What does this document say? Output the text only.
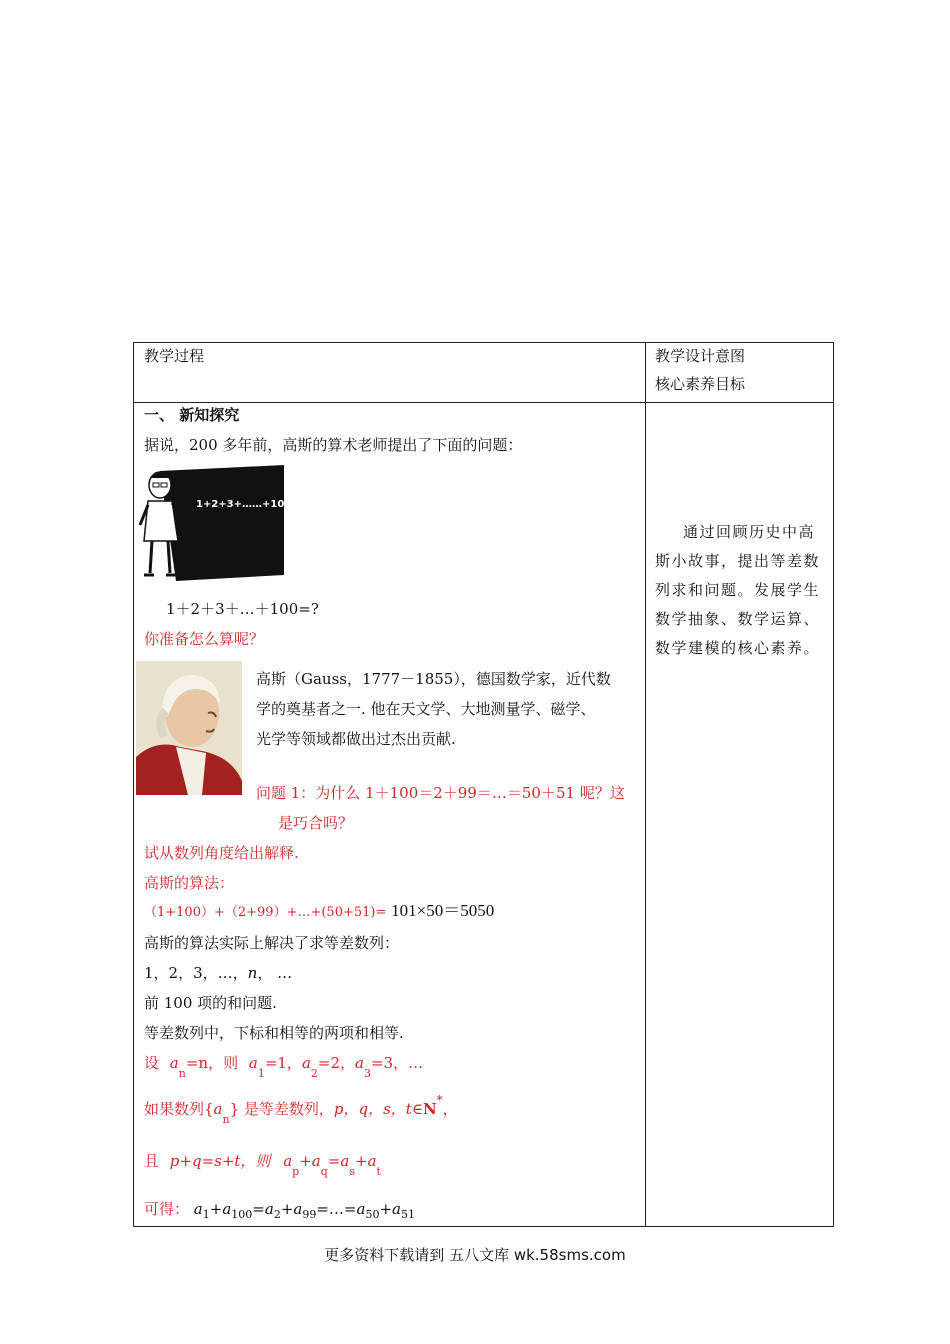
教学过程	教学设计意图
核心素养目标
一、 新知探究
据说，200 多年前，高斯的算术老师提出了下面的问题：
1+2+3+……+100=?
1＋2＋3＋…＋100=?
你准备怎么算呢？
高斯（Gauss，1777－1855），德国数学家，近代数
学的奠基者之一. 他在天文学、大地测量学、磁学、
光学等领域都做出过杰出贡献.
问题 1：为什么 1＋100＝2＋99＝…＝50＋51 呢？这
是巧合吗？
试从数列角度给出解释.
高斯的算法：
（1+100）+（2+99）+…+(50+51)= 101×50＝5050
高斯的算法实际上解决了求等差数列：
1，2，3，…，n， …
前 100 项的和问题.
等差数列中，下标和相等的两项和相等.
设 $a_n=n$，则 $a_1=1$，$a_2=2$，$a_3=3$，…
如果数列$\{a_n\}$ 是等差数列，p，q，s，t∈N*，
且 p+q=s+t，则 $a_p+a_q=a_s+a_t$
可得： $a_1+a_{100}=a_2+a_{99}=\dots=a_{50}+a_{51}$
通过回顾历史中高斯小故事，提出等差数列求和问题。发展学生数学抽象、数学运算、数学建模的核心素养。
更多资料下载请到 五八文库 wk.58sms.com
